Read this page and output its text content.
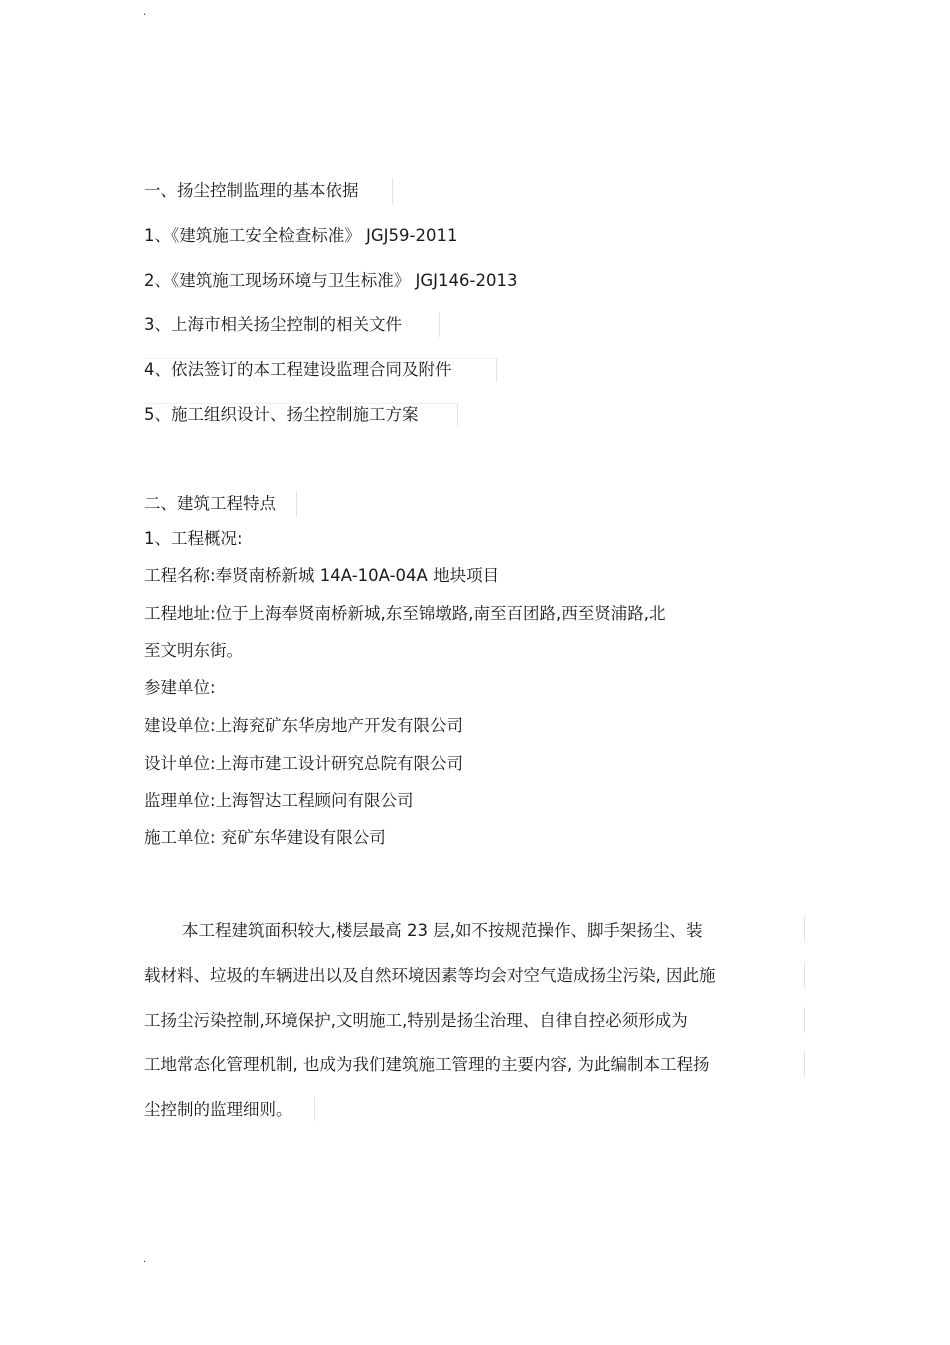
.
一、扬尘控制监理的基本依据
1、《建筑施工安全检查标准》 JGJ59-2011
2、《建筑施工现场环境与卫生标准》 JGJ146-2013
3、上海市相关扬尘控制的相关文件
4、依法签订的本工程建设监理合同及附件
5、施工组织设计、扬尘控制施工方案
二、建筑工程特点
1、工程概况:
工程名称:奉贤南桥新城 14A-10A-04A 地块项目
工程地址:位于上海奉贤南桥新城,东至锦墩路,南至百团路,西至贤浦路,北
至文明东街。
参建单位:
建设单位:上海兖矿东华房地产开发有限公司
设计单位:上海市建工设计研究总院有限公司
监理单位:上海智达工程顾问有限公司
施工单位: 兖矿东华建设有限公司
本工程建筑面积较大,楼层最高 23 层,如不按规范操作、脚手架扬尘、装
载材料、垃圾的车辆进出以及自然环境因素等均会对空气造成扬尘污染, 因此施
工扬尘污染控制,环境保护,文明施工,特别是扬尘治理、自律自控必须形成为
工地常态化管理机制, 也成为我们建筑施工管理的主要内容, 为此编制本工程扬
尘控制的监理细则。
.
